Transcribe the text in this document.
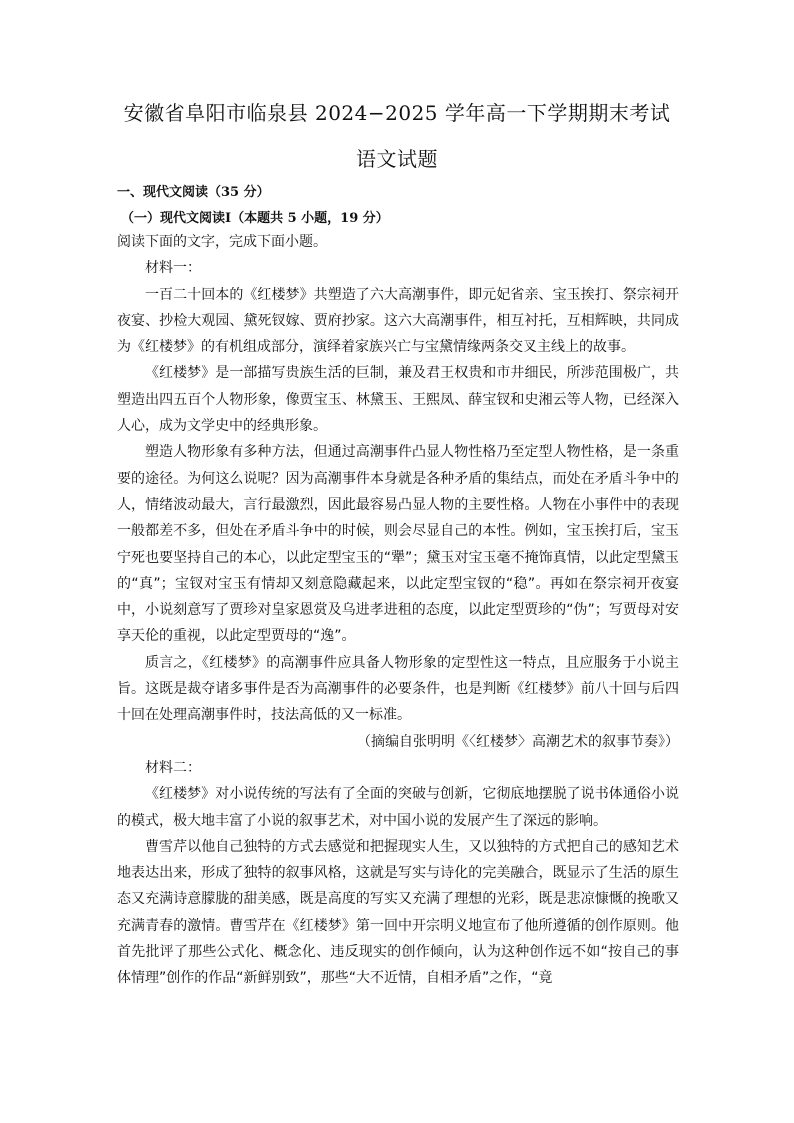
安徽省阜阳市临泉县 2024−2025 学年高一下学期期末考试
语文试题
一、现代文阅读（35 分）
（一）现代文阅读Ⅰ（本题共 5 小题，19 分）

阅读下面的文字，完成下面小题。

材料一：

一百二十回本的《红楼梦》共塑造了六大高潮事件，即元妃省亲、宝玉挨打、祭宗祠开夜宴、抄检大观园、黛死钗嫁、贾府抄家。这六大高潮事件，相互衬托，互相辉映，共同成为《红楼梦》的有机组成部分，演绎着家族兴亡与宝黛情缘两条交叉主线上的故事。

《红楼梦》是一部描写贵族生活的巨制，兼及君王权贵和市井细民，所涉范围极广，共塑造出四五百个人物形象，像贾宝玉、林黛玉、王熙凤、薛宝钗和史湘云等人物，已经深入人心，成为文学史中的经典形象。

塑造人物形象有多种方法，但通过高潮事件凸显人物性格乃至定型人物性格，是一条重要的途径。为何这么说呢？因为高潮事件本身就是各种矛盾的集结点，而处在矛盾斗争中的人，情绪波动最大，言行最激烈，因此最容易凸显人物的主要性格。人物在小事件中的表现一般都差不多，但处在矛盾斗争中的时候，则会尽显自己的本性。例如，宝玉挨打后，宝玉宁死也要坚持自己的本心，以此定型宝玉的“犟”；黛玉对宝玉毫不掩饰真情，以此定型黛玉的“真”；宝钗对宝玉有情却又刻意隐藏起来，以此定型宝钗的“稳”。再如在祭宗祠开夜宴中，小说刻意写了贾珍对皇家恩赏及乌进孝进租的态度，以此定型贾珍的“伪”；写贾母对安享天伦的重视，以此定型贾母的“逸”。

质言之，《红楼梦》的高潮事件应具备人物形象的定型性这一特点，且应服务于小说主旨。这既是裁夺诸多事件是否为高潮事件的必要条件，也是判断《红楼梦》前八十回与后四十回在处理高潮事件时，技法高低的又一标准。

（摘编自张明明《〈红楼梦〉高潮艺术的叙事节奏》）

材料二：

《红楼梦》对小说传统的写法有了全面的突破与创新，它彻底地摆脱了说书体通俗小说的模式，极大地丰富了小说的叙事艺术，对中国小说的发展产生了深远的影响。

曹雪芹以他自己独特的方式去感觉和把握现实人生，又以独特的方式把自己的感知艺术地表达出来，形成了独特的叙事风格，这就是写实与诗化的完美融合，既显示了生活的原生态又充满诗意朦胧的甜美感，既是高度的写实又充满了理想的光彩，既是悲凉慷慨的挽歌又充满青春的激情。曹雪芹在《红楼梦》第一回中开宗明义地宣布了他所遵循的创作原则。他首先批评了那些公式化、概念化、违反现实的创作倾向，认为这种创作远不如“按自己的事体情理”创作的作品“新鲜别致”，那些“大不近情，自相矛盾”之作，“竟
